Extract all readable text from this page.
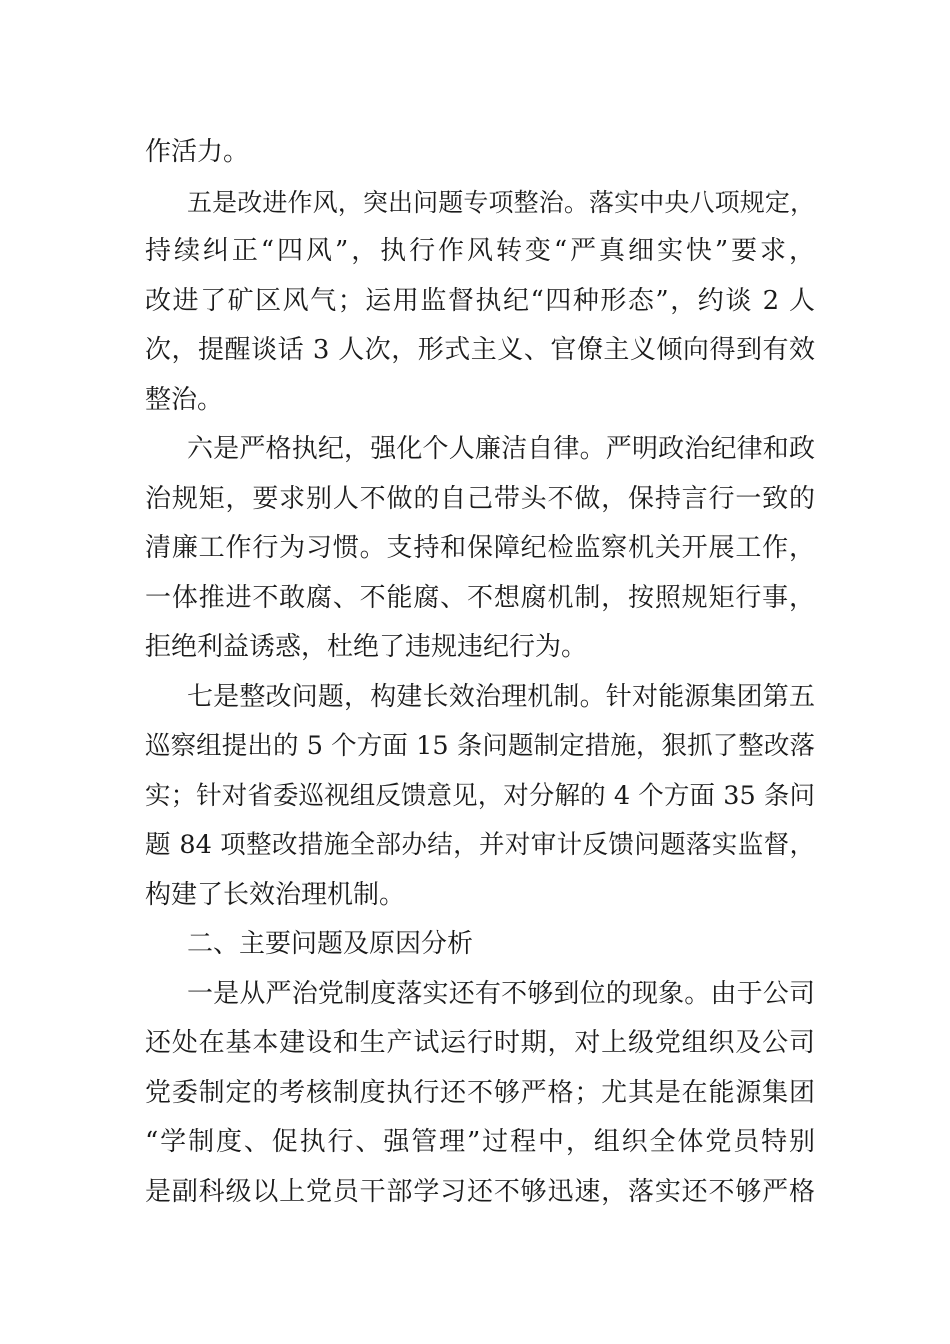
作活力。
五是改进作风，突出问题专项整治。落实中央八项规定，
持续纠正“四风”，执行作风转变“严真细实快”要求，
改进了矿区风气；运用监督执纪“四种形态”，约谈 2 人
次，提醒谈话 3 人次，形式主义、官僚主义倾向得到有效
整治。
六是严格执纪，强化个人廉洁自律。严明政治纪律和政
治规矩，要求别人不做的自己带头不做，保持言行一致的
清廉工作行为习惯。支持和保障纪检监察机关开展工作，
一体推进不敢腐、不能腐、不想腐机制，按照规矩行事，
拒绝利益诱惑，杜绝了违规违纪行为。
七是整改问题，构建长效治理机制。针对能源集团第五
巡察组提出的 5 个方面 15 条问题制定措施，狠抓了整改落
实；针对省委巡视组反馈意见，对分解的 4 个方面 35 条问
题 84 项整改措施全部办结，并对审计反馈问题落实监督，
构建了长效治理机制。
二、主要问题及原因分析
一是从严治党制度落实还有不够到位的现象。由于公司
还处在基本建设和生产试运行时期，对上级党组织及公司
党委制定的考核制度执行还不够严格；尤其是在能源集团
“学制度、促执行、强管理”过程中，组织全体党员特别
是副科级以上党员干部学习还不够迅速，落实还不够严格
